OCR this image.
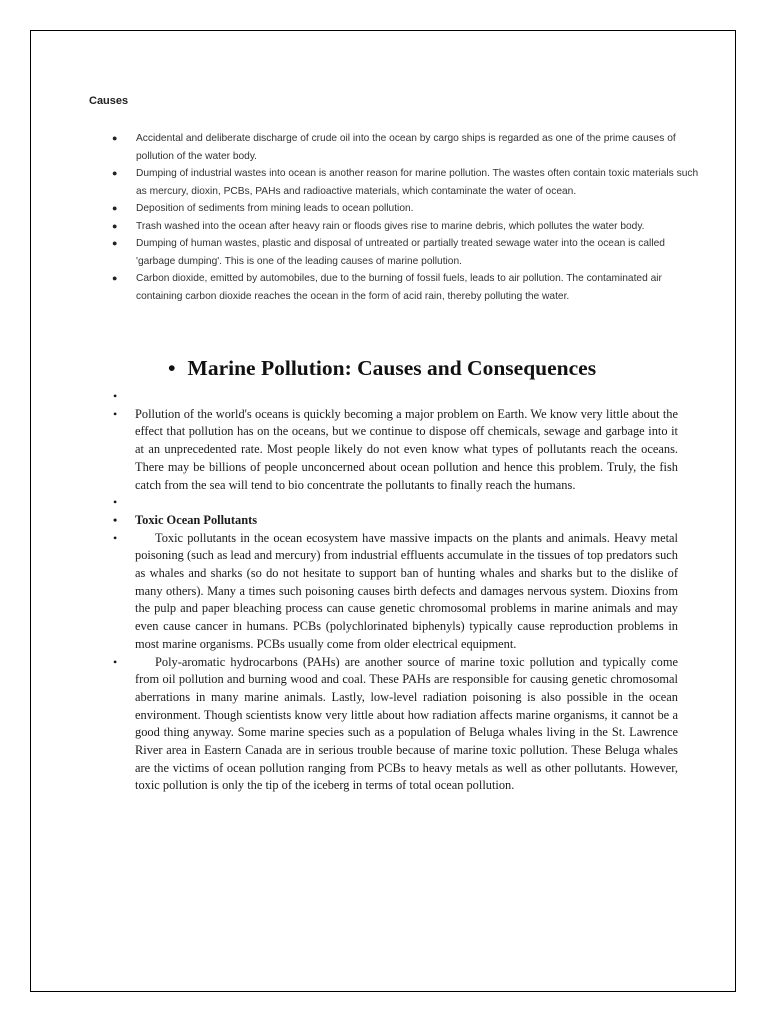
Causes
● Accidental and deliberate discharge of crude oil into the ocean by cargo ships is regarded as one of the prime causes of pollution of the water body.
● Dumping of industrial wastes into ocean is another reason for marine pollution. The wastes often contain toxic materials such as mercury, dioxin, PCBs, PAHs and radioactive materials, which contaminate the water of ocean.
● Deposition of sediments from mining leads to ocean pollution.
● Trash washed into the ocean after heavy rain or floods gives rise to marine debris, which pollutes the water body.
● Dumping of human wastes, plastic and disposal of untreated or partially treated sewage water into the ocean is called 'garbage dumping'. This is one of the leading causes of marine pollution.
● Carbon dioxide, emitted by automobiles, due to the burning of fossil fuels, leads to air pollution. The contaminated air containing carbon dioxide reaches the ocean in the form of acid rain, thereby polluting the water.
• Marine Pollution: Causes and Consequences
•
• Pollution of the world's oceans is quickly becoming a major problem on Earth. We know very little about the effect that pollution has on the oceans, but we continue to dispose off chemicals, sewage and garbage into it at an unprecedented rate. Most people likely do not even know what types of pollutants reach the oceans. There may be billions of people unconcerned about ocean pollution and hence this problem. Truly, the fish catch from the sea will tend to bio concentrate the pollutants to finally reach the humans.
•
• Toxic Ocean Pollutants
•	Toxic pollutants in the ocean ecosystem have massive impacts on the plants and animals. Heavy metal poisoning (such as lead and mercury) from industrial effluents accumulate in the tissues of top predators such as whales and sharks (so do not hesitate to support ban of hunting whales and sharks but to the dislike of many others). Many a times such poisoning causes birth defects and damages nervous system. Dioxins from the pulp and paper bleaching process can cause genetic chromosomal problems in marine animals and may even cause cancer in humans. PCBs (polychlorinated biphenyls) typically cause reproduction problems in most marine organisms. PCBs usually come from older electrical equipment.
•	Poly-aromatic hydrocarbons (PAHs) are another source of marine toxic pollution and typically come from oil pollution and burning wood and coal. These PAHs are responsible for causing genetic chromosomal aberrations in many marine animals. Lastly, low-level radiation poisoning is also possible in the ocean environment. Though scientists know very little about how radiation affects marine organisms, it cannot be a good thing anyway. Some marine species such as a population of Beluga whales living in the St. Lawrence River area in Eastern Canada are in serious trouble because of marine toxic pollution. These Beluga whales are the victims of ocean pollution ranging from PCBs to heavy metals as well as other pollutants. However, toxic pollution is only the tip of the iceberg in terms of total ocean pollution.
